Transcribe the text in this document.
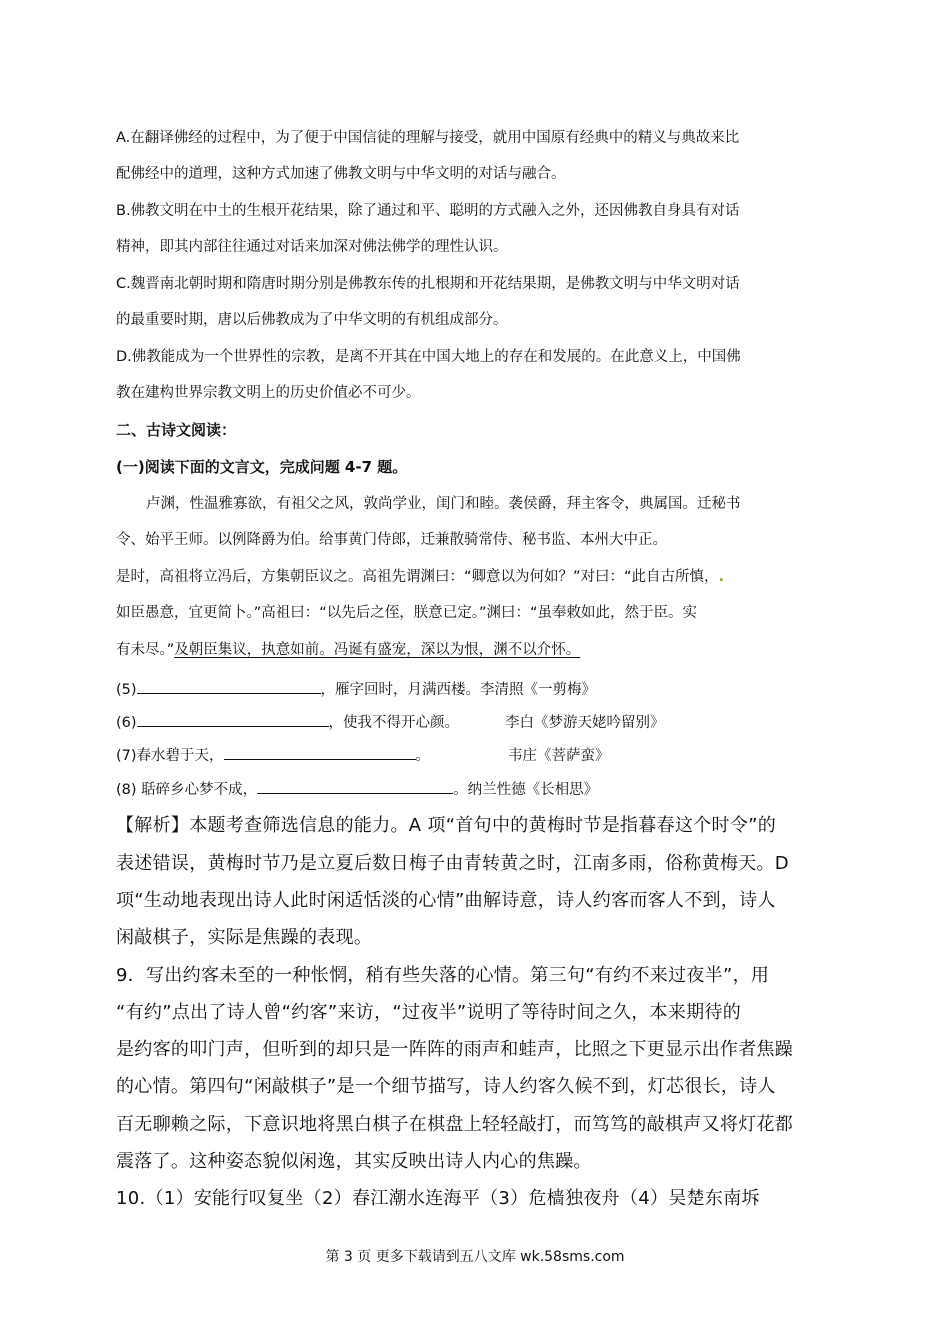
A.在翻译佛经的过程中，为了便于中国信徒的理解与接受，就用中国原有经典中的精义与典故来比
配佛经中的道理，这种方式加速了佛教文明与中华文明的对话与融合。
B.佛教文明在中土的生根开花结果，除了通过和平、聪明的方式融入之外，还因佛教自身具有对话
精神，即其内部往往通过对话来加深对佛法佛学的理性认识。
C.魏晋南北朝时期和隋唐时期分别是佛教东传的扎根期和开花结果期，是佛教文明与中华文明对话
的最重要时期，唐以后佛教成为了中华文明的有机组成部分。
D.佛教能成为一个世界性的宗教，是离不开其在中国大地上的存在和发展的。在此意义上，中国佛
教在建构世界宗教文明上的历史价值必不可少。
二、古诗文阅读：
(一)阅读下面的文言文，完成问题 4-7 题。
卢渊，性温雅寡欲，有祖父之风，敦尚学业，闺门和睦。袭侯爵，拜主客令，典属国。迁秘书
令、始平王师。以例降爵为伯。给事黄门侍郎，迁兼散骑常侍、秘书监、本州大中正。
是时，高祖将立冯后，方集朝臣议之。高祖先谓渊曰：“卿意以为何如？”对曰：“此自古所慎，.
如臣愚意，宜更简卜。”高祖曰：“以先后之侄，朕意已定。”渊曰：“虽奉敕如此，然于臣。实
有未尽。”及朝臣集议，执意如前。冯诞有盛宠，深以为恨，渊不以介怀。
(5)	，雁字回时，月满西楼。李清照《一剪梅》
(6)	，使我不得开心颜。	李白《梦游天姥吟留别》
(7)春水碧于天，	。	韦庄《菩萨蛮》
(8) 聒碎乡心梦不成，	。纳兰性德《长相思》
【解析】本题考查筛选信息的能力。A 项“首句中的黄梅时节是指暮春这个时令”的
表述错误，黄梅时节乃是立夏后数日梅子由青转黄之时，江南多雨，俗称黄梅天。D
项“生动地表现出诗人此时闲适恬淡的心情”曲解诗意，诗人约客而客人不到，诗人
闲敲棋子，实际是焦躁的表现。
9．写出约客未至的一种怅惘，稍有些失落的心情。第三句“有约不来过夜半”，用
“有约”点出了诗人曾“约客”来访，“过夜半”说明了等待时间之久，本来期待的
是约客的叩门声，但听到的却只是一阵阵的雨声和蛙声，比照之下更显示出作者焦躁
的心情。第四句“闲敲棋子”是一个细节描写，诗人约客久候不到，灯芯很长，诗人
百无聊赖之际，下意识地将黑白棋子在棋盘上轻轻敲打，而笃笃的敲棋声又将灯花都
震落了。这种姿态貌似闲逸，其实反映出诗人内心的焦躁。
10.（1）安能行叹复坐（2）春江潮水连海平（3）危樯独夜舟（4）吴楚东南坼
第 3 页 更多下载请到五八文库 wk.58sms.com
